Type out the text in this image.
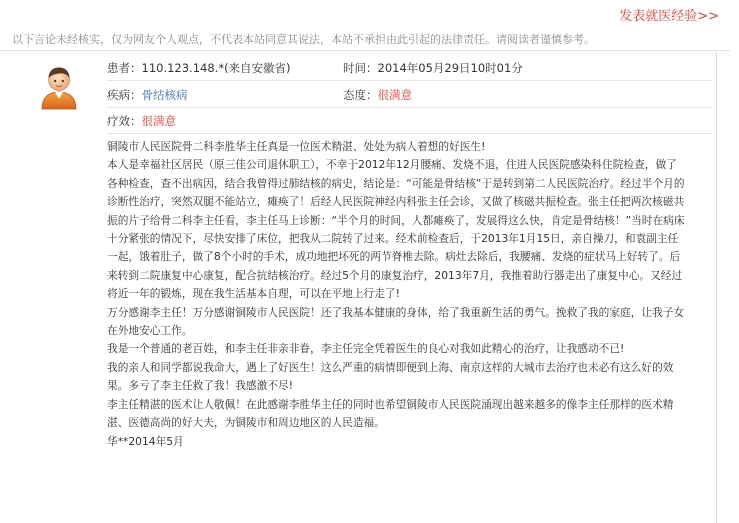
发表就医经验>>
以下言论未经核实，仅为网友个人观点，不代表本站同意其说法，本站不承担由此引起的法律责任。请阅读者谨慎参考。
患者：110.123.148.*(来自安徽省)	时间：2014年05月29日10时01分
疾病：骨结核病	态度：很满意
疗效：很满意

铜陵市人民医院骨二科李胜华主任真是一位医术精湛、处处为病人着想的好医生!

本人是幸福社区居民（原三佳公司退休职工），不幸于2012年12月腰痛、发烧不退，住进人民医院感染科住院检查，做了各种检查，查不出病因，结合我曾得过肺结核的病史，结论是：“可能是骨结核”于是转到第二人民医院治疗。经过半个月的诊断性治疗，突然双腿不能站立，瘫痪了！后经人民医院神经内科张主任会诊，又做了核磁共振检查。张主任把两次核磁共振的片子给骨二科李主任看，李主任马上诊断：“半个月的时间，人都瘫痪了，发展得这么快，肯定是骨结核！”当时在病床十分紧张的情况下，尽快安排了床位，把我从二院转了过来。经术前检查后，于2013年1月15日，亲自操刀，和袁副主任一起，饿着肚子，做了8个小时的手术，成功地把坏死的两节脊椎去除。病灶去除后，我腰痛、发烧的症状马上好转了。后来转到二院康复中心康复，配合抗结核治疗。经过5个月的康复治疗，2013年7月，我推着助行器走出了康复中心。又经过将近一年的锻炼，现在我生活基本自理，可以在平地上行走了!

万分感谢李主任！万分感谢铜陵市人民医院！还了我基本健康的身体，给了我重新生活的勇气。挽救了我的家庭，让我子女在外地安心工作。

我是一个普通的老百姓，和李主任非亲非眷，李主任完全凭着医生的良心对我如此精心的治疗，让我感动不已!

我的亲人和同学都说我命大，遇上了好医生！这么严重的病情即便到上海、南京这样的大城市去治疗也未必有这么好的效果。多亏了李主任救了我！我感激不尽!

李主任精湛的医术让人敬佩！在此感谢李胜华主任的同时也希望铜陵市人民医院涌现出越来越多的像李主任那样的医术精湛、医德高尚的好大夫，为铜陵市和周边地区的人民造福。

华**2014年5月
